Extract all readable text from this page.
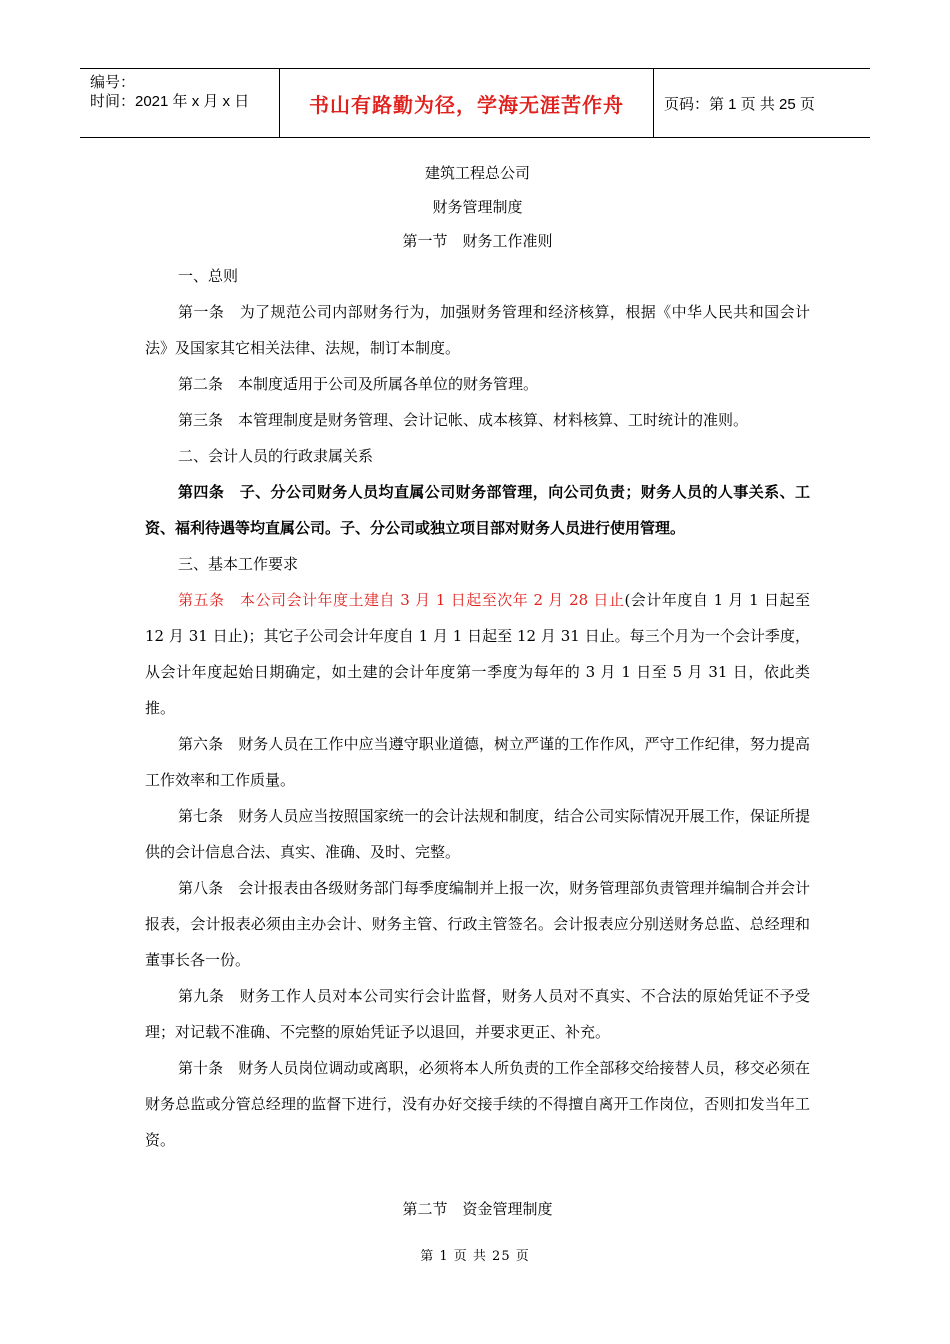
编号：
时间：2021 年 x 月 x 日	书山有路勤为径，学海无涯苦作舟	页码：第 1 页 共 25 页
建筑工程总公司
财务管理制度
第一节　财务工作准则

一、总则

第一条　为了规范公司内部财务行为，加强财务管理和经济核算，根据《中华人民共和国会计法》及国家其它相关法律、法规，制订本制度。

第二条　本制度适用于公司及所属各单位的财务管理。

第三条　本管理制度是财务管理、会计记帐、成本核算、材料核算、工时统计的准则。

二、会计人员的行政隶属关系

第四条　子、分公司财务人员均直属公司财务部管理，向公司负责；财务人员的人事关系、工资、福利待遇等均直属公司。子、分公司或独立项目部对财务人员进行使用管理。

三、基本工作要求

第五条　本公司会计年度土建自 3 月 1 日起至次年 2 月 28 日止(会计年度自 1 月 1 日起至 12 月 31 日止)；其它子公司会计年度自 1 月 1 日起至 12 月 31 日止。每三个月为一个会计季度，从会计年度起始日期确定，如土建的会计年度第一季度为每年的 3 月 1 日至 5 月 31 日，依此类推。

第六条　财务人员在工作中应当遵守职业道德，树立严谨的工作作风，严守工作纪律，努力提高工作效率和工作质量。

第七条　财务人员应当按照国家统一的会计法规和制度，结合公司实际情况开展工作，保证所提供的会计信息合法、真实、准确、及时、完整。

第八条　会计报表由各级财务部门每季度编制并上报一次，财务管理部负责管理并编制合并会计报表，会计报表必须由主办会计、财务主管、行政主管签名。会计报表应分别送财务总监、总经理和董事长各一份。

第九条　财务工作人员对本公司实行会计监督，财务人员对不真实、不合法的原始凭证不予受理；对记载不准确、不完整的原始凭证予以退回，并要求更正、补充。

第十条　财务人员岗位调动或离职，必须将本人所负责的工作全部移交给接替人员，移交必须在财务总监或分管总经理的监督下进行，没有办好交接手续的不得擅自离开工作岗位，否则扣发当年工资。

第二节　资金管理制度
第 1 页 共 25 页
